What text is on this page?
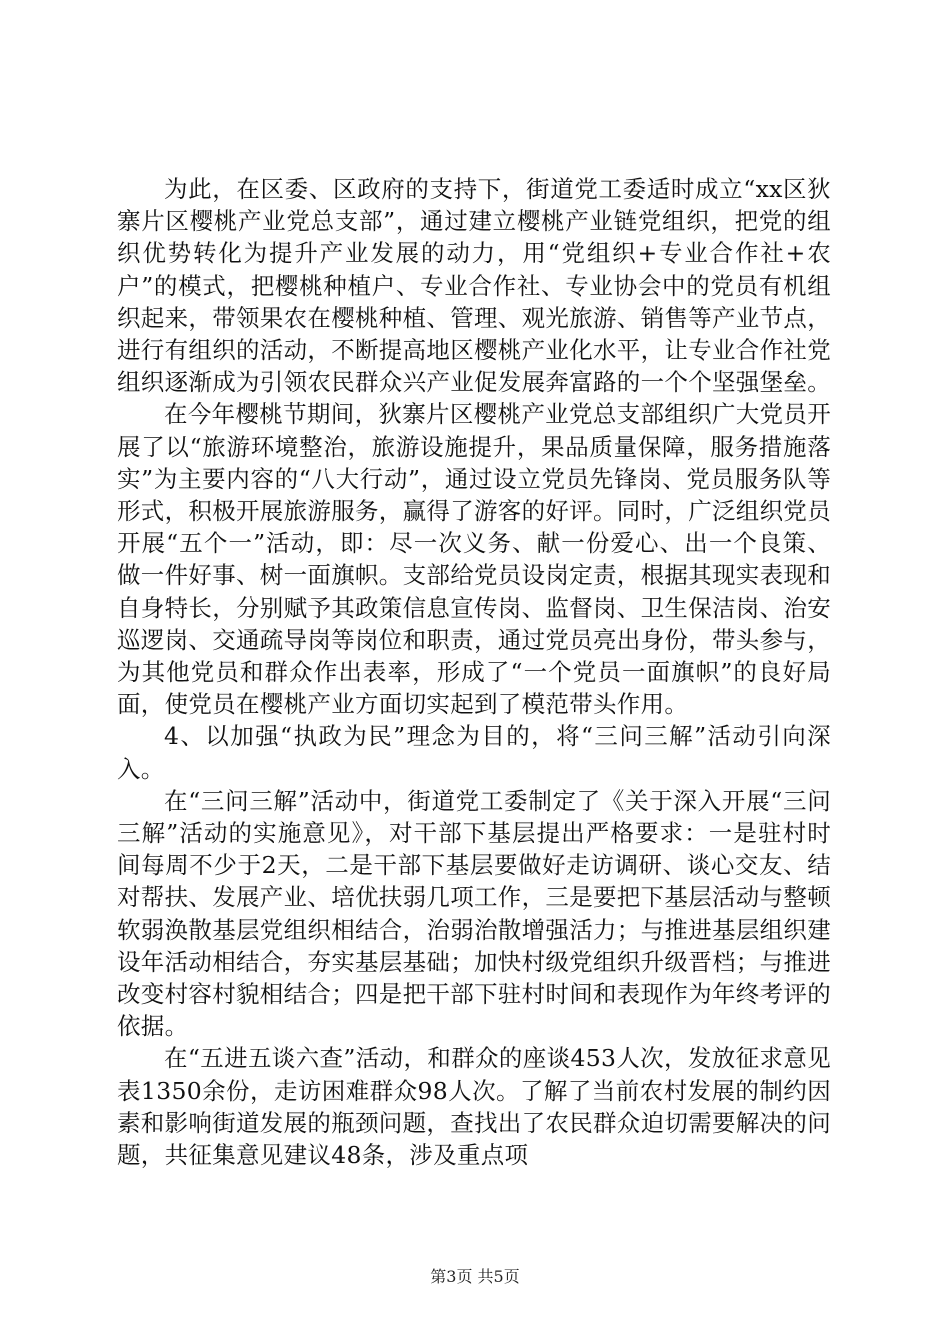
为此，在区委、区政府的支持下，街道党工委适时成立“xx区狄寨片区樱桃产业党总支部”，通过建立樱桃产业链党组织，把党的组织优势转化为提升产业发展的动力，用“党组织+专业合作社+农户”的模式，把樱桃种植户、专业合作社、专业协会中的党员有机组织起来，带领果农在樱桃种植、管理、观光旅游、销售等产业节点，进行有组织的活动，不断提高地区樱桃产业化水平，让专业合作社党组织逐渐成为引领农民群众兴产业促发展奔富路的一个个坚强堡垒。

在今年樱桃节期间，狄寨片区樱桃产业党总支部组织广大党员开展了以“旅游环境整治，旅游设施提升，果品质量保障，服务措施落实”为主要内容的“八大行动”，通过设立党员先锋岗、党员服务队等形式，积极开展旅游服务，赢得了游客的好评。同时，广泛组织党员开展“五个一”活动，即：尽一次义务、献一份爱心、出一个良策、做一件好事、树一面旗帜。支部给党员设岗定责，根据其现实表现和自身特长，分别赋予其政策信息宣传岗、监督岗、卫生保洁岗、治安巡逻岗、交通疏导岗等岗位和职责，通过党员亮出身份，带头参与，为其他党员和群众作出表率，形成了“一个党员一面旗帜”的良好局面，使党员在樱桃产业方面切实起到了模范带头作用。

4、以加强“执政为民”理念为目的，将“三问三解”活动引向深入。

在“三问三解”活动中，街道党工委制定了《关于深入开展“三问三解”活动的实施意见》，对干部下基层提出严格要求：一是驻村时间每周不少于2天，二是干部下基层要做好走访调研、谈心交友、结对帮扶、发展产业、培优扶弱几项工作，三是要把下基层活动与整顿软弱涣散基层党组织相结合，治弱治散增强活力；与推进基层组织建设年活动相结合，夯实基层基础；加快村级党组织升级晋档；与推进改变村容村貌相结合；四是把干部下驻村时间和表现作为年终考评的依据。

在“五进五谈六查”活动，和群众的座谈453人次，发放征求意见表1350余份，走访困难群众98人次。了解了当前农村发展的制约因素和影响街道发展的瓶颈问题，查找出了农民群众迫切需要解决的问题，共征集意见建议48条，涉及重点项

第3页 共5页
